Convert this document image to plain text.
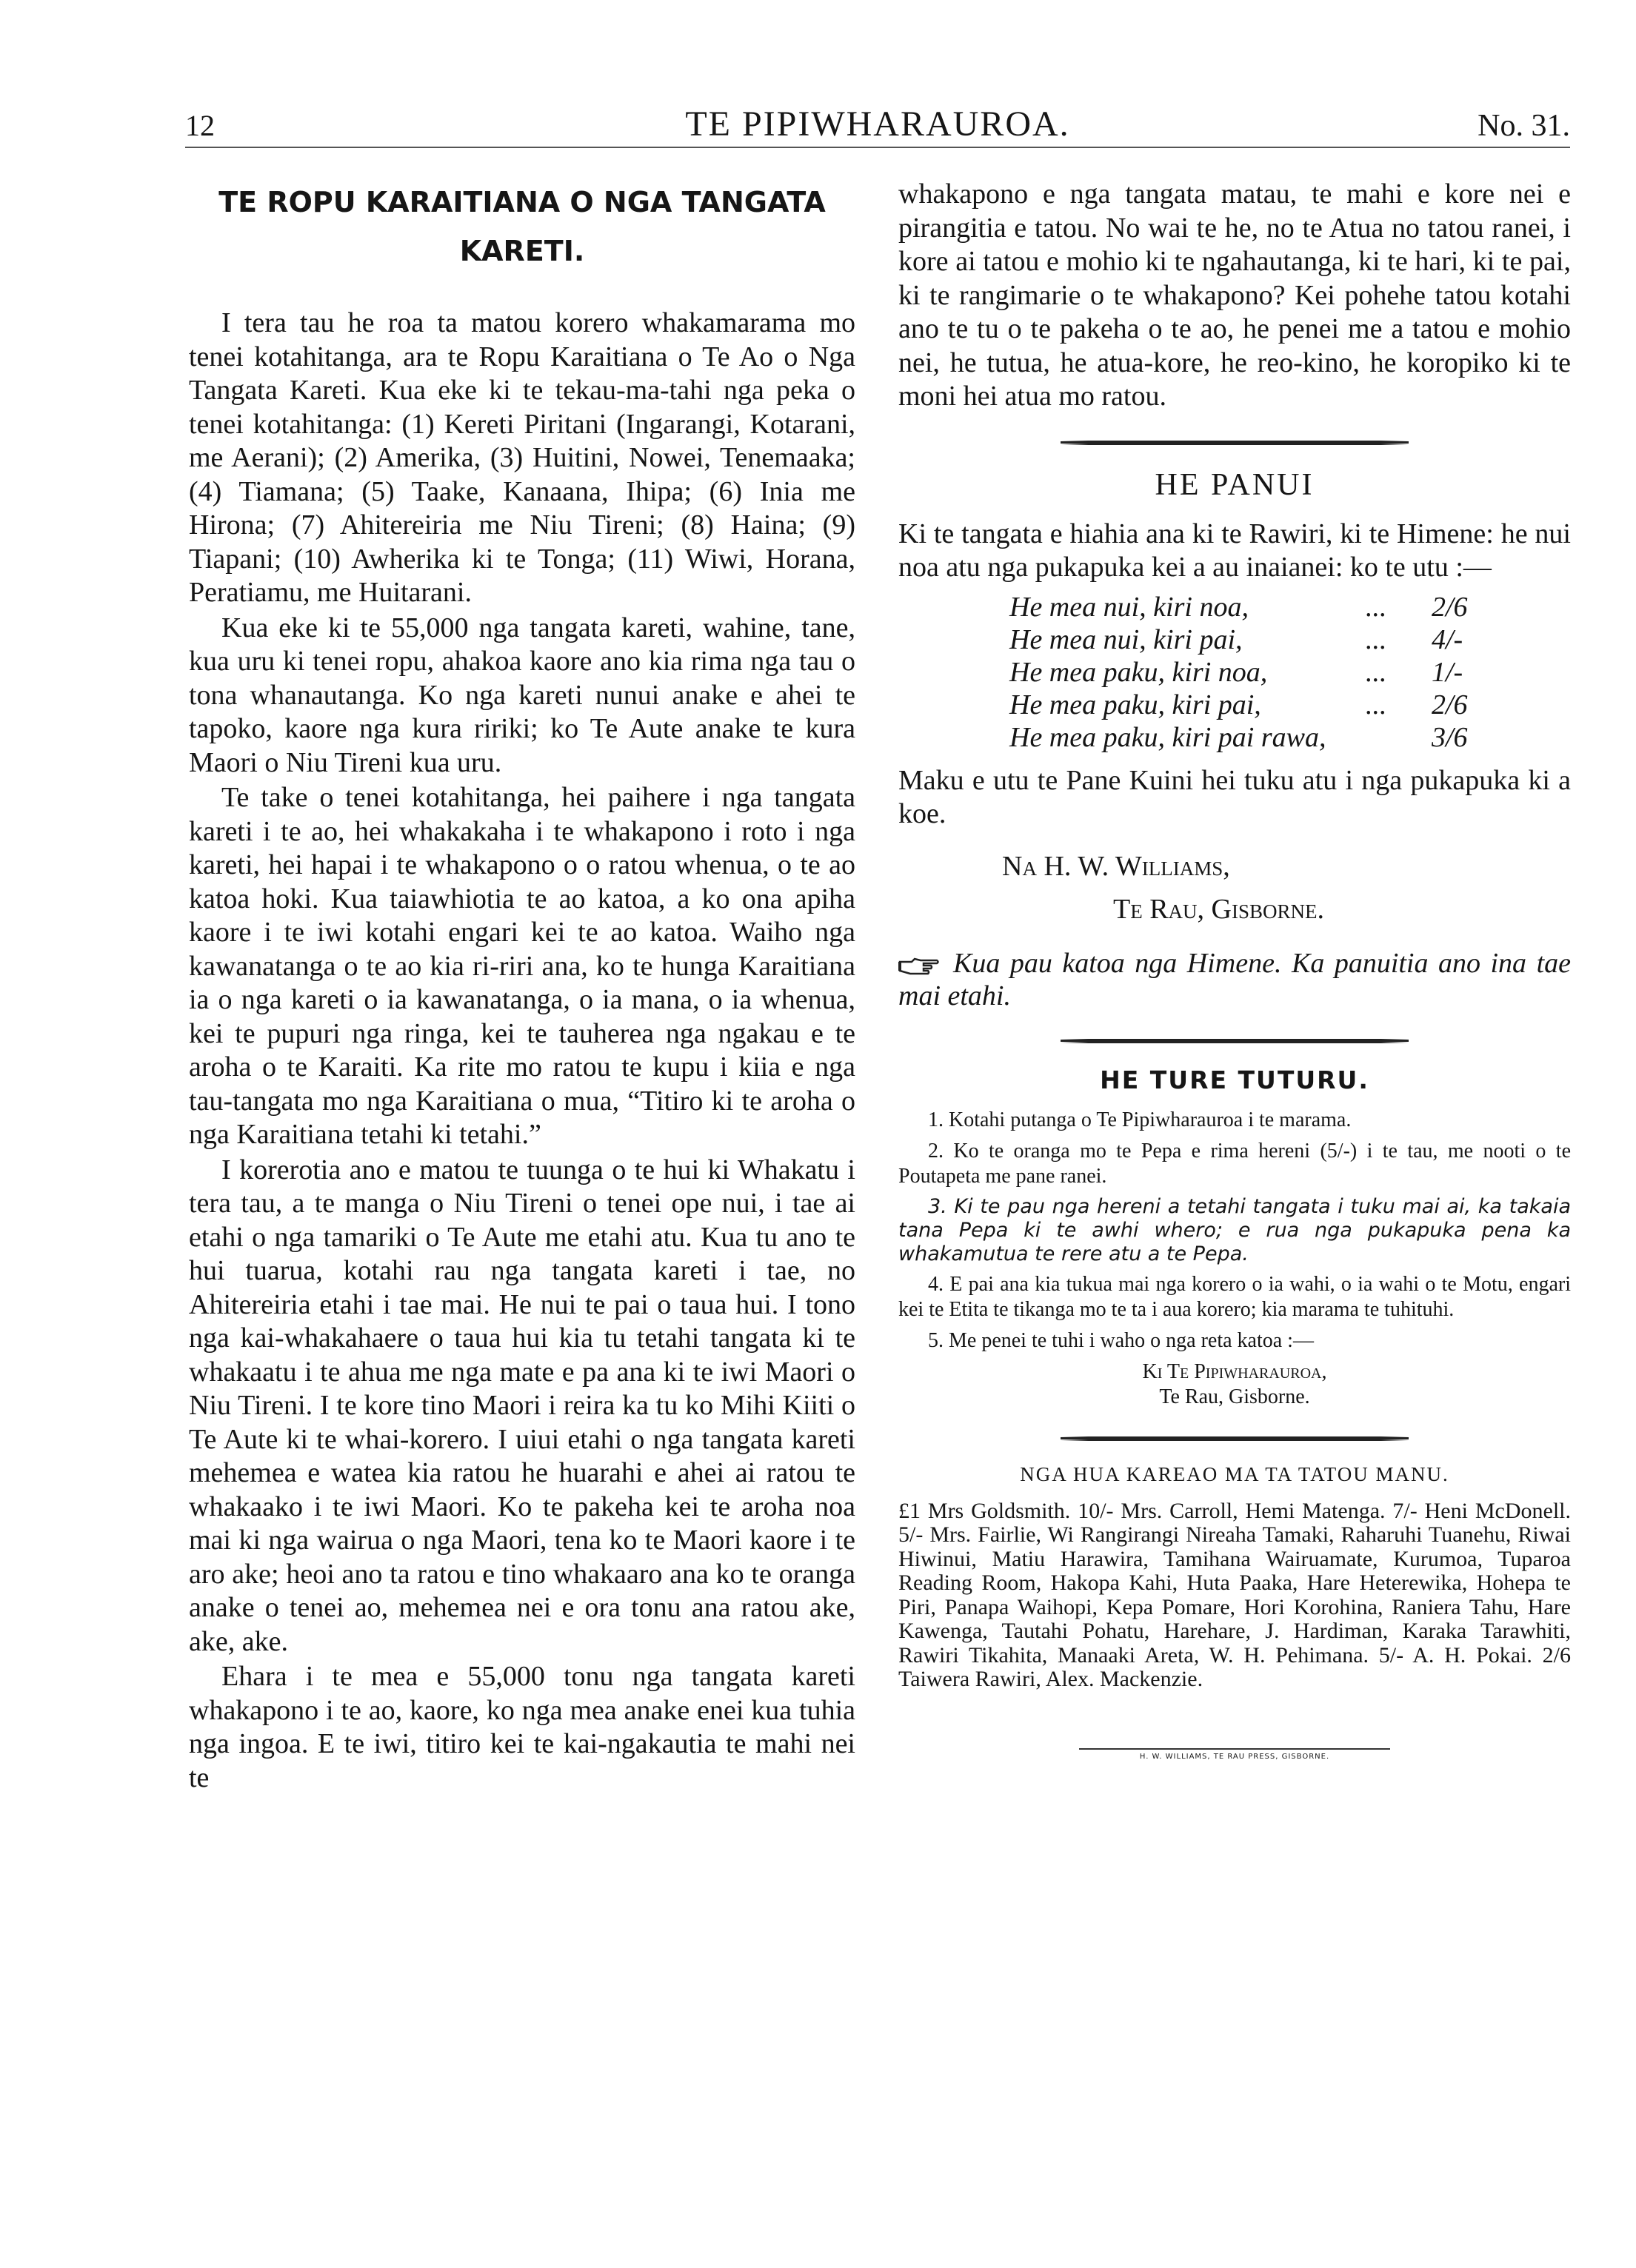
12	TE PIPIWHARAUROA.	No. 31.
TE ROPU KARAITIANA O NGA TANGATA
KARETI.

I tera tau he roa ta matou korero whakamarama mo tenei kotahitanga, ara te Ropu Karaitiana o Te Ao o Nga Tangata Kareti. Kua eke ki te tekau-ma-tahi nga peka o tenei kotahitanga: (1) Kereti Piritani (Ingarangi, Kotarani, me Aerani); (2) Amerika, (3) Huitini, Nowei, Tenemaaka; (4) Tiamana; (5) Taake, Kanaana, Ihipa; (6) Inia me Hirona; (7) Ahitereiria me Niu Tireni; (8) Haina; (9) Tiapani; (10) Awherika ki te Tonga; (11) Wiwi, Horana, Peratiamu, me Huitarani.

Kua eke ki te 55,000 nga tangata kareti, wahine, tane, kua uru ki tenei ropu, ahakoa kaore ano kia rima nga tau o tona whanautanga. Ko nga kareti nunui anake e ahei te tapoko, kaore nga kura ririki; ko Te Aute anake te kura Maori o Niu Tireni kua uru.

Te take o tenei kotahitanga, hei paihere i nga tangata kareti i te ao, hei whakakaha i te whakapono i roto i nga kareti, hei hapai i te whakapono o o ratou whenua, o te ao katoa hoki. Kua taiawhiotia te ao katoa, a ko ona apiha kaore i te iwi kotahi engari kei te ao katoa. Waiho nga kawanatanga o te ao kia ri-riri ana, ko te hunga Karaitiana ia o nga kareti o ia kawanatanga, o ia mana, o ia whenua, kei te pupuri nga ringa, kei te tauherea nga ngakau e te aroha o te Karaiti. Ka rite mo ratou te kupu i kiia e nga tau-tangata mo nga Karaitiana o mua, “Titiro ki te aroha o nga Karaitiana tetahi ki tetahi.”

I korerotia ano e matou te tuunga o te hui ki Whakatu i tera tau, a te manga o Niu Tireni o tenei ope nui, i tae ai etahi o nga tamariki o Te Aute me etahi atu. Kua tu ano te hui tuarua, kotahi rau nga tangata kareti i tae, no Ahitereiria etahi i tae mai. He nui te pai o taua hui. I tono nga kai-whakahaere o taua hui kia tu tetahi tangata ki te whakaatu i te ahua me nga mate e pa ana ki te iwi Maori o Niu Tireni. I te kore tino Maori i reira ka tu ko Mihi Kiiti o Te Aute ki te whai-korero. I uiui etahi o nga tangata kareti mehemea e watea kia ratou he huarahi e ahei ai ratou te whakaako i te iwi Maori. Ko te pakeha kei te aroha noa mai ki nga wairua o nga Maori, tena ko te Maori kaore i te aro ake; heoi ano ta ratou e tino whakaaro ana ko te oranga anake o tenei ao, mehemea nei e ora tonu ana ratou ake, ake, ake.

Ehara i te mea e 55,000 tonu nga tangata kareti whakapono i te ao, kaore, ko nga mea anake enei kua tuhia nga ingoa. E te iwi, titiro kei te kai-ngakautia te mahi nei te

whakapono e nga tangata matau, te mahi e kore nei e pirangitia e tatou. No wai te he, no te Atua no tatou ranei, i kore ai tatou e mohio ki te ngahautanga, ki te hari, ki te pai, ki te rangimarie o te whakapono? Kei pohehe tatou kotahi ano te tu o te pakeha o te ao, he penei me a tatou e mohio nei, he tutua, he atua-kore, he reo-kino, he koropiko ki te moni hei atua mo ratou.

HE PANUI

Ki te tangata e hiahia ana ki te Rawiri, ki te Himene: he nui noa atu nga pukapuka kei a au inaianei: ko te utu :—

He mea nui, kiri noa,	...	2/6
He mea nui, kiri pai,	...	4/-
He mea paku, kiri noa,	...	1/-
He mea paku, kiri pai,	...	2/6
He mea paku, kiri pai rawa,	3/6

Maku e utu te Pane Kuini hei tuku atu i nga pukapuka ki a koe.

Na H. W. Williams,
Te Rau, Gisborne.
Kua pau katoa nga Himene. Ka panuitia ano ina tae mai etahi.
HE TURE TUTURU.

1. Kotahi putanga o Te Pipiwharauroa i te marama.

2. Ko te oranga mo te Pepa e rima hereni (5/-) i te tau, me nooti o te Poutapeta me pane ranei.

3. Ki te pau nga hereni a tetahi tangata i tuku mai ai, ka takaia tana Pepa ki te awhi whero; e rua nga pukapuka pena ka whakamutua te rere atu a te Pepa.

4. E pai ana kia tukua mai nga korero o ia wahi, o ia wahi o te Motu, engari kei te Etita te tikanga mo te ta i aua korero; kia marama te tuhituhi.

5. Me penei te tuhi i waho o nga reta katoa :—

Ki Te Pipiwharauroa,

Te Rau, Gisborne.

NGA HUA KAREAO MA TA TATOU MANU.

£1 Mrs Goldsmith. 10/- Mrs. Carroll, Hemi Matenga. 7/- Heni McDonell. 5/- Mrs. Fairlie, Wi Rangirangi Nireaha Tamaki, Raharuhi Tuanehu, Riwai Hiwinui, Matiu Harawira, Tamihana Wairuamate, Kurumoa, Tuparoa Reading Room, Hakopa Kahi, Huta Paaka, Hare Heterewika, Hohepa te Piri, Panapa Waihopi, Kepa Pomare, Hori Korohina, Raniera Tahu, Hare Kawenga, Tautahi Pohatu, Harehare, J. Hardiman, Karaka Tarawhiti, Rawiri Tikahita, Manaaki Areta, W. H. Pehimana. 5/- A. H. Pokai. 2/6 Taiwera Rawiri, Alex. Mackenzie.

H. W. WILLIAMS, TE RAU PRESS, GISBORNE.
